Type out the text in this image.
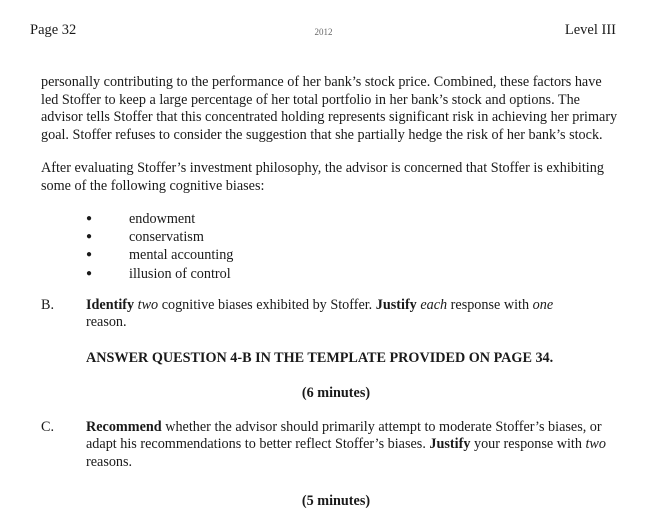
Page 32	2012	Level III

personally contributing to the performance of her bank’s stock price. Combined, these factors have led Stoffer to keep a large percentage of her total portfolio in her bank’s stock and options. The advisor tells Stoffer that this concentrated holding represents significant risk in achieving her primary goal. Stoffer refuses to consider the suggestion that she partially hedge the risk of her bank’s stock.

After evaluating Stoffer’s investment philosophy, the advisor is concerned that Stoffer is exhibiting some of the following cognitive biases:

●	endowment
●	conservatism
●	mental accounting
●	illusion of control
B. Identify two cognitive biases exhibited by Stoffer. Justify each response with one
reason.
ANSWER QUESTION 4-B IN THE TEMPLATE PROVIDED ON PAGE 34.
(6 minutes)
C. Recommend whether the advisor should primarily attempt to moderate Stoffer’s biases, or adapt his recommendations to better reflect Stoffer’s biases. Justify your response with two reasons.
(5 minutes)
